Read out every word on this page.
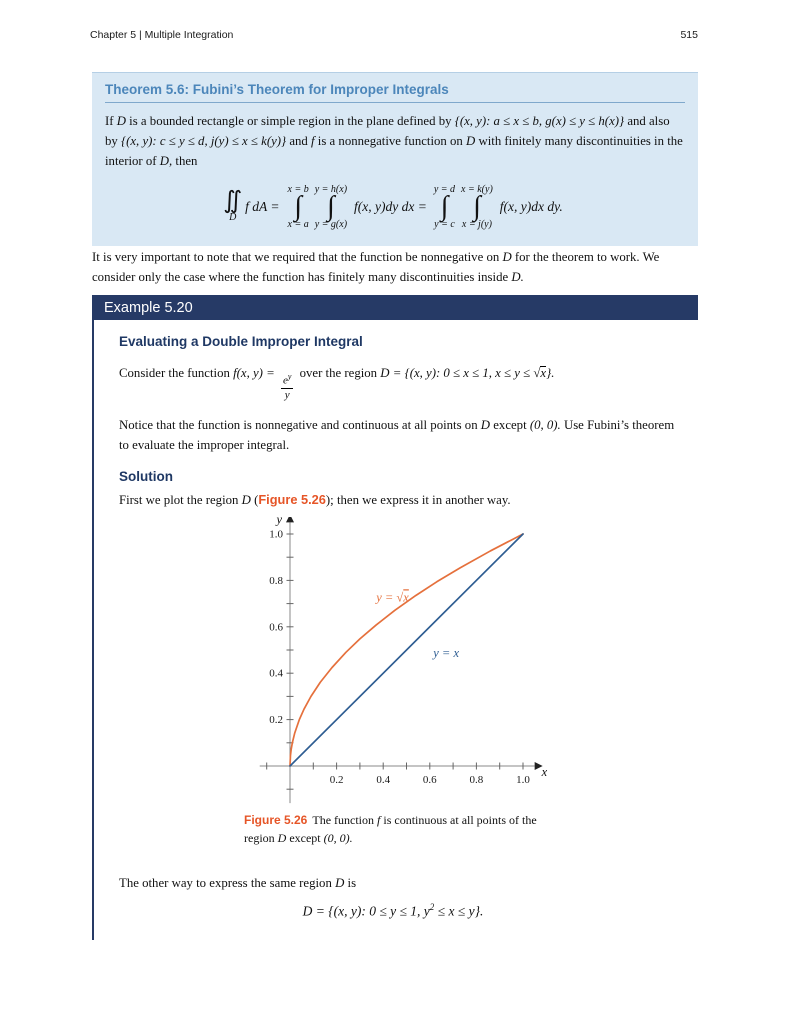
Chapter 5 | Multiple Integration	515
Theorem 5.6: Fubini’s Theorem for Improper Integrals

If D is a bounded rectangle or simple region in the plane defined by {(x, y): a ≤ x ≤ b, g(x) ≤ y ≤ h(x)} and also by {(x, y): c ≤ y ≤ d, j(y) ≤ x ≤ k(y)} and f is a nonnegative function on D with finitely many discontinuities in the interior of D, then

∬
D
f dA =
x = b
∫
x = a
y = h(x)
∫
y = g(x)
f(x, y)dy dx =
y = d
∫
y = c
x = k(y)
∫
x = j(y)
f(x, y)dx dy.

It is very important to note that we required that the function be nonnegative on D for the theorem to work. We consider only the case where the function has finitely many discontinuities inside D.

Example 5.20
Evaluating a Double Improper Integral

Consider the function f(x, y) =
$\frac{e^y}{y}$
over the region D = {(x, y): 0 ≤ x ≤ 1, x ≤ y ≤ √x}.

Notice that the function is nonnegative and continuous at all points on D except (0, 0). Use Fubini’s theorem to evaluate the improper integral.

Solution

First we plot the region D (Figure 5.26); then we express it in another way.

0.2	0.4	0.6	0.8	1.0
0.2
0.4
0.6
0.8
1.0
x
y
y = √x
y = x
Figure 5.26 The function f is continuous at all points of the region D except (0, 0).

The other way to express the same region D is

D = {(x, y): 0 ≤ y ≤ 1, $y^2 \le x \le y$}.
